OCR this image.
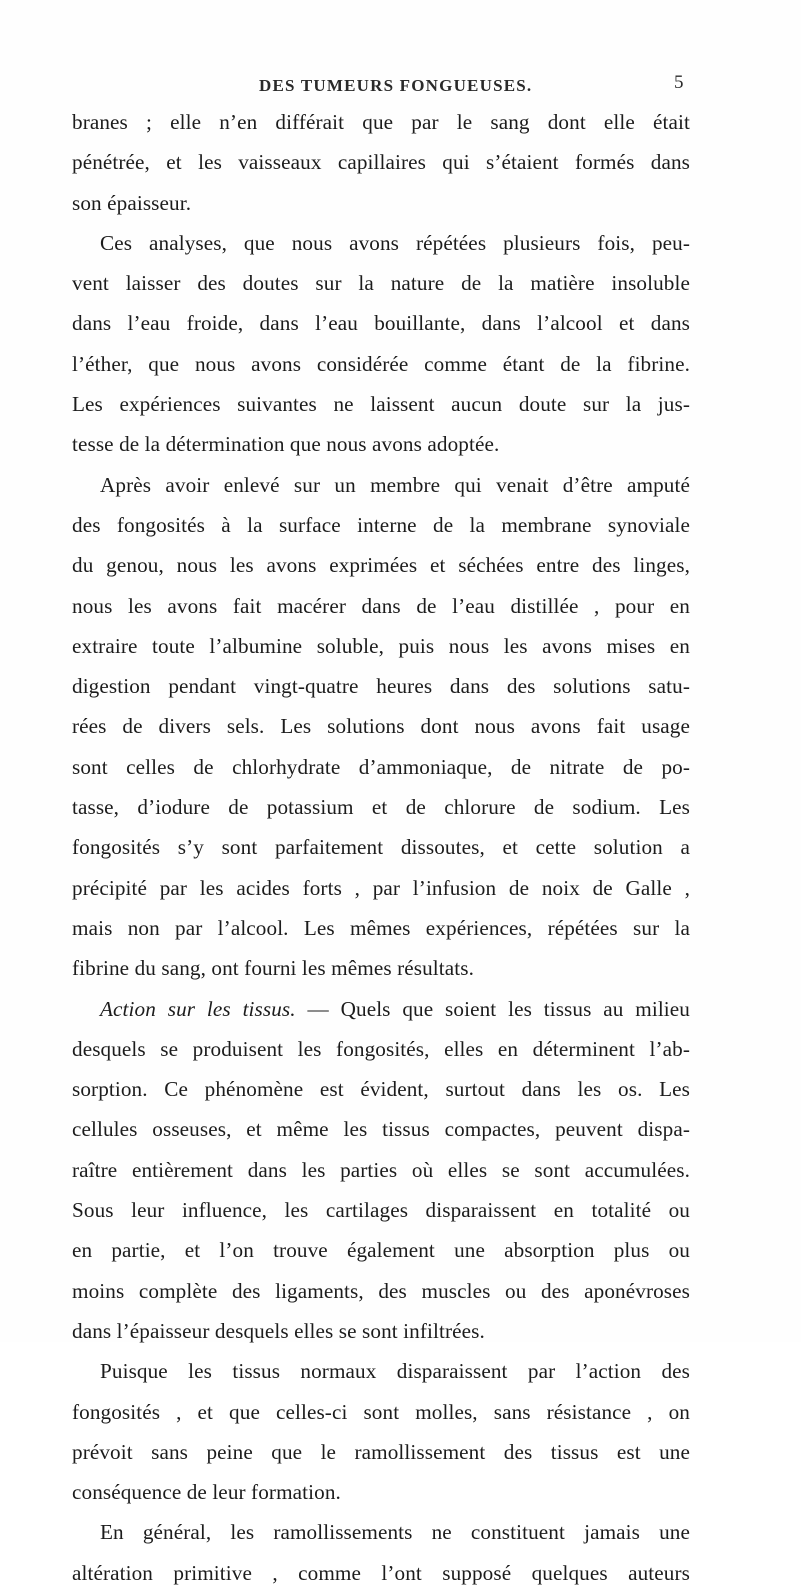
DES TUMEURS FONGUEUSES.	5
branes ; elle n’en différait que par le sang dont elle était
pénétrée, et les vaisseaux capillaires qui s’étaient formés dans
son épaisseur.
Ces analyses, que nous avons répétées plusieurs fois, peu-
vent laisser des doutes sur la nature de la matière insoluble
dans l’eau froide, dans l’eau bouillante, dans l’alcool et dans
l’éther, que nous avons considérée comme étant de la fibrine.
Les expériences suivantes ne laissent aucun doute sur la jus-
tesse de la détermination que nous avons adoptée.
Après avoir enlevé sur un membre qui venait d’être amputé
des fongosités à la surface interne de la membrane synoviale
du genou, nous les avons exprimées et séchées entre des linges,
nous les avons fait macérer dans de l’eau distillée , pour en
extraire toute l’albumine soluble, puis nous les avons mises en
digestion pendant vingt-quatre heures dans des solutions satu-
rées de divers sels. Les solutions dont nous avons fait usage
sont celles de chlorhydrate d’ammoniaque, de nitrate de po-
tasse, d’iodure de potassium et de chlorure de sodium. Les
fongosités s’y sont parfaitement dissoutes, et cette solution a
précipité par les acides forts , par l’infusion de noix de Galle ,
mais non par l’alcool. Les mêmes expériences, répétées sur la
fibrine du sang, ont fourni les mêmes résultats.
Action sur les tissus. — Quels que soient les tissus au milieu
desquels se produisent les fongosités, elles en déterminent l’ab-
sorption. Ce phénomène est évident, surtout dans les os. Les
cellules osseuses, et même les tissus compactes, peuvent dispa-
raître entièrement dans les parties où elles se sont accumulées.
Sous leur influence, les cartilages disparaissent en totalité ou
en partie, et l’on trouve également une absorption plus ou
moins complète des ligaments, des muscles ou des aponévroses
dans l’épaisseur desquels elles se sont infiltrées.
Puisque les tissus normaux disparaissent par l’action des
fongosités , et que celles-ci sont molles, sans résistance , on
prévoit sans peine que le ramollissement des tissus est une
conséquence de leur formation.
En général, les ramollissements ne constituent jamais une
altération primitive , comme l’ont supposé quelques auteurs
